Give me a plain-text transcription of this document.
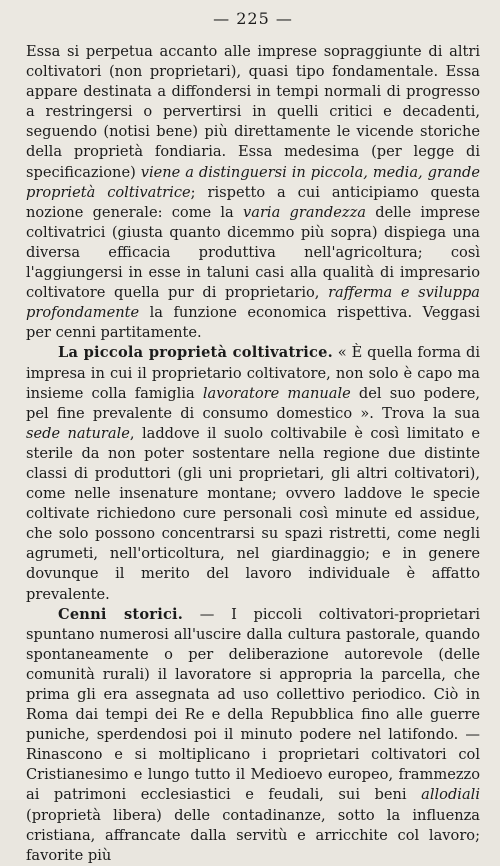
— 225 —

Essa si perpetua accanto alle imprese sopraggiunte di altri coltivatori (non proprietari), quasi tipo fondamentale. Essa appare destinata a diffondersi in tempi normali di progresso a restringersi o pervertirsi in quelli critici e decadenti, seguendo (notisi bene) più direttamente le vicende storiche della proprietà fondiaria. Essa medesima (per legge di specificazione) viene a distinguersi in piccola, media, grande proprietà coltivatrice; rispetto a cui anticipiamo questa nozione generale: come la varia grandezza delle imprese coltivatrici (giusta quanto dicemmo più sopra) dispiega una diversa efficacia produttiva nell'agricoltura; così l'aggiungersi in esse in taluni casi alla qualità di impresario coltivatore quella pur di proprietario, rafferma e sviluppa profondamente la funzione economica rispettiva. Veggasi per cenni partitamente.

La piccola proprietà coltivatrice. « È quella forma di impresa in cui il proprietario coltivatore, non solo è capo ma insieme colla famiglia lavoratore manuale del suo podere, pel fine prevalente di consumo domestico ». Trova la sua sede naturale, laddove il suolo coltivabile è così limitato e sterile da non poter sostentare nella regione due distinte classi di produttori (gli uni proprietari, gli altri coltivatori), come nelle insenature montane; ovvero laddove le specie coltivate richiedono cure personali così minute ed assidue, che solo possono concentrarsi su spazi ristretti, come negli agrumeti, nell'orticoltura, nel giardinaggio; e in genere dovunque il merito del lavoro individuale è affatto prevalente.

Cenni storici. — I piccoli coltivatori-proprietari spuntano numerosi all'uscire dalla cultura pastorale, quando spontaneamente o per deliberazione autorevole (delle comunità rurali) il lavoratore si appropria la parcella, che prima gli era assegnata ad uso collettivo periodico. Ciò in Roma dai tempi dei Re e della Repubblica fino alle guerre puniche, sperdendosi poi il minuto podere nel latifondo. — Rinascono e si moltiplicano i proprietari coltivatori col Cristianesimo e lungo tutto il Medioevo europeo, frammezzo ai patrimoni ecclesiastici e feudali, sui beni allodiali (proprietà libera) delle contadinanze, sotto la influenza cristiana, affrancate dalla servitù e arricchite col lavoro; favorite più
